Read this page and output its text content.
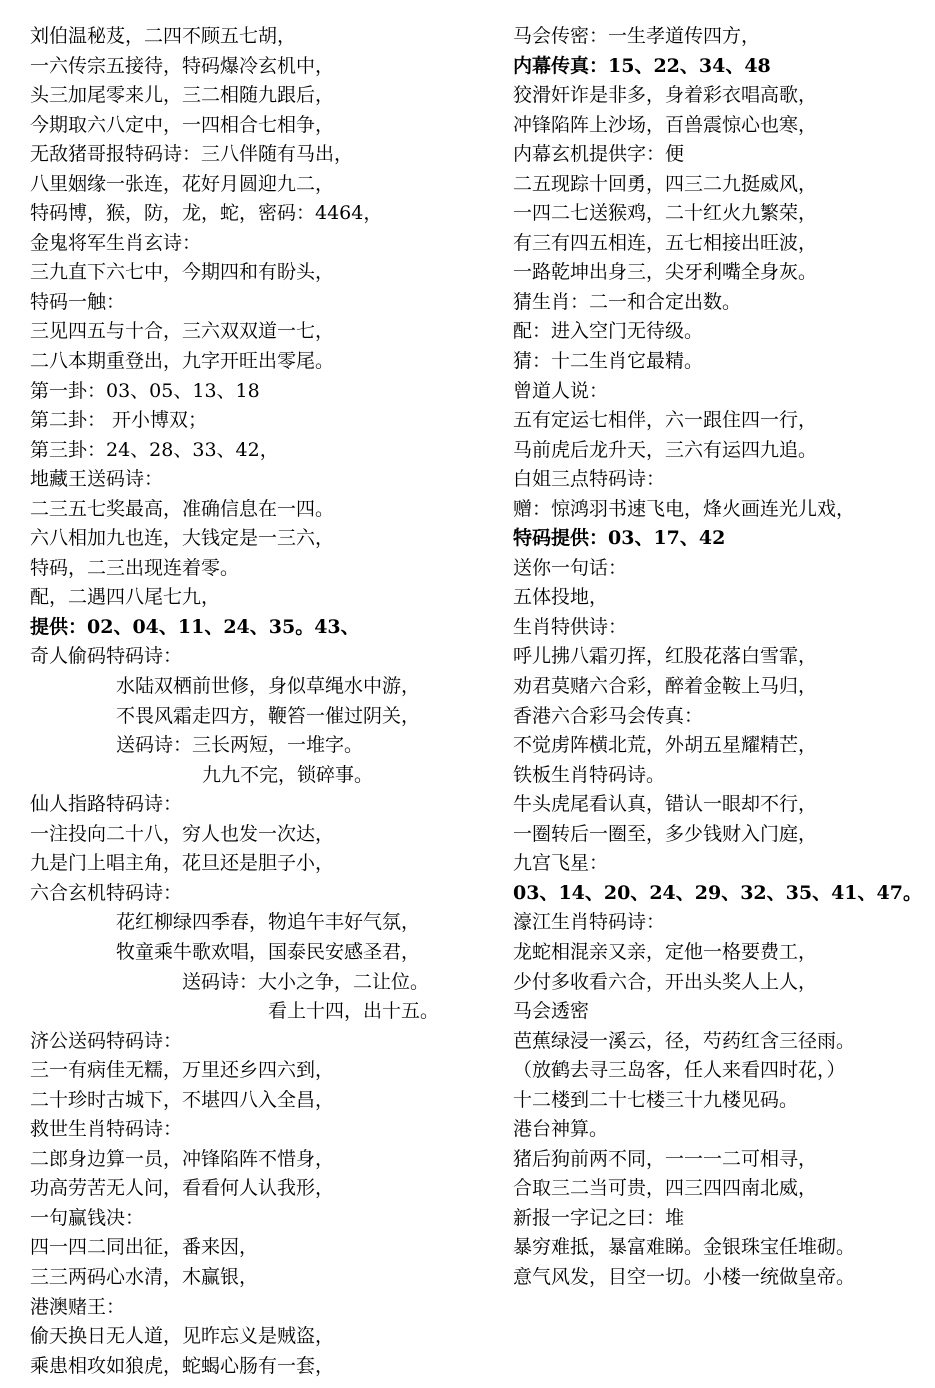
刘伯温秘芨，二四不顾五七胡，
一六传宗五接待，特码爆冷玄机中，
头三加尾零来儿，三二相随九跟后，
今期取六八定中，一四相合七相争，
无敌猪哥报特码诗：三八伴随有马出，
八里姻缘一张连，花好月圆迎九二，
特码博，猴，防，龙，蛇，密码：4464，
金鬼将军生肖玄诗：
三九直下六七中，今期四和有盼头，
特码一触：
三见四五与十合，三六双双道一七，
二八本期重登出，九字开旺出零尾。
第一卦：03、05、13、18
第二卦： 开小博双；
第三卦：24、28、33、42，
地藏王送码诗：
二三五七奖最高，准确信息在一四。
六八相加九也连，大钱定是一三六，
特码，二三出现连着零。
配，二遇四八尾七九，
提供：02、04、11、24、35。43、
奇人偷码特码诗：
水陆双栖前世修，身似草绳水中游，
不畏风霜走四方，鞭笞一催过阴关，
送码诗：三长两短，一堆字。
九九不完，锁碎事。
仙人指路特码诗：
一注投向二十八，穷人也发一次达，
九是门上唱主角，花旦还是胆子小，
六合玄机特码诗：
花红柳绿四季春，物追午丰好气氛，
牧童乘牛歌欢唱，国泰民安感圣君，
送码诗：大小之争，二让位。
看上十四，出十五。
济公送码特码诗：
三一有病佳无糯，万里还乡四六到，
二十珍时古城下，不堪四八入全昌，
救世生肖特码诗：
二郎身边算一员，冲锋陷阵不惜身，
功高劳苦无人问，看看何人认我形，
一句赢钱决：
四一四二同出征，番来因，
三三两码心水清，木赢银，
港澳赌王：
偷天换日无人道，见昨忘义是贼盗，
乘患相攻如狼虎，蛇蝎心肠有一套，
马会传密：一生孝道传四方，
内幕传真：15、22、34、48
狡滑奸诈是非多，身着彩衣唱高歌，
冲锋陷阵上沙场，百兽震惊心也寒，
内幕玄机提供字：便
二五现踪十回勇，四三二九挺威风，
一四二七送猴鸡，二十红火九繁荣，
有三有四五相连，五七相接出旺波，
一路乾坤出身三，尖牙利嘴全身灰。
猜生肖：二一和合定出数。
配：进入空门无待级。
猜：十二生肖它最精。
曾道人说：
五有定运七相伴，六一跟住四一行，
马前虎后龙升天，三六有运四九追。
白姐三点特码诗：
赠：惊鸿羽书速飞电，烽火画连光儿戏，
特码提供：03、17、42
送你一句话：
五体投地，
生肖特供诗：
呼儿拂八霜刃挥，红股花落白雪霏，
劝君莫赌六合彩，醉着金鞍上马归，
香港六合彩马会传真：
不觉虏阵横北荒，外胡五星耀精芒，
铁板生肖特码诗。
牛头虎尾看认真，错认一眼却不行，
一圈转后一圈至，多少钱财入门庭，
九宫飞星：
03、14、20、24、29、32、35、41、47。
濠江生肖特码诗：
龙蛇相混亲又亲，定他一格要费工，
少付多收看六合，开出头奖人上人，
马会透密
芭蕉绿浸一溪云，径，芍药红含三径雨。
（放鹤去寻三岛客，任人来看四时花，）
十二楼到二十七楼三十九楼见码。
港台神算。
猪后狗前两不同，一一一二可相寻，
合取三二当可贵，四三四四南北威，
新报一字记之曰：堆
暴穷难抵，暴富难睇。金银珠宝任堆砌。
意气风发，目空一切。小楼一统做皇帝。
